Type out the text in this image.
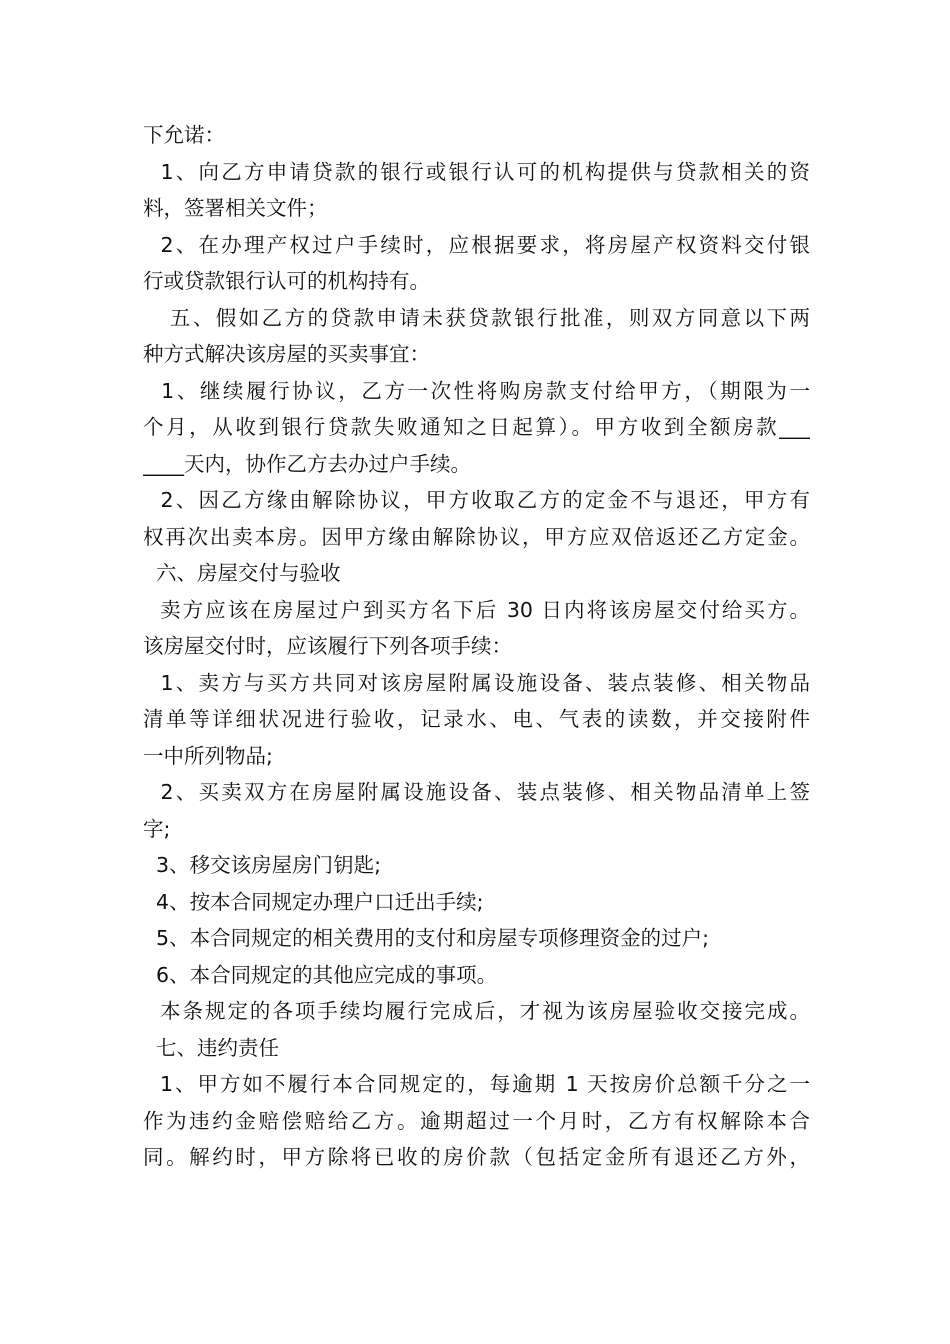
下允诺：
1、向乙方申请贷款的银行或银行认可的机构提供与贷款相关的资
料，签署相关文件；
2、在办理产权过户手续时，应根据要求，将房屋产权资料交付银
行或贷款银行认可的机构持有。
五、假如乙方的贷款申请未获贷款银行批准，则双方同意以下两
种方式解决该房屋的买卖事宜：
1、继续履行协议，乙方一次性将购房款支付给甲方，（期限为一
个月，从收到银行贷款失败通知之日起算）。甲方收到全额房款___
____天内，协作乙方去办过户手续。
2、因乙方缘由解除协议，甲方收取乙方的定金不与退还，甲方有
权再次出卖本房。因甲方缘由解除协议，甲方应双倍返还乙方定金。
六、房屋交付与验收
卖方应该在房屋过户到买方名下后 30 日内将该房屋交付给买方。
该房屋交付时，应该履行下列各项手续：
1、卖方与买方共同对该房屋附属设施设备、装点装修、相关物品
清单等详细状况进行验收，记录水、电、气表的读数，并交接附件
一中所列物品;
2、买卖双方在房屋附属设施设备、装点装修、相关物品清单上签
字;
3、移交该房屋房门钥匙;
4、按本合同规定办理户口迁出手续;
5、本合同规定的相关费用的支付和房屋专项修理资金的过户;
6、本合同规定的其他应完成的事项。
本条规定的各项手续均履行完成后，才视为该房屋验收交接完成。
七、违约责任
1、甲方如不履行本合同规定的，每逾期 1 天按房价总额千分之一
作为违约金赔偿赔给乙方。逾期超过一个月时，乙方有权解除本合
同。解约时，甲方除将已收的房价款（包括定金所有退还乙方外，
